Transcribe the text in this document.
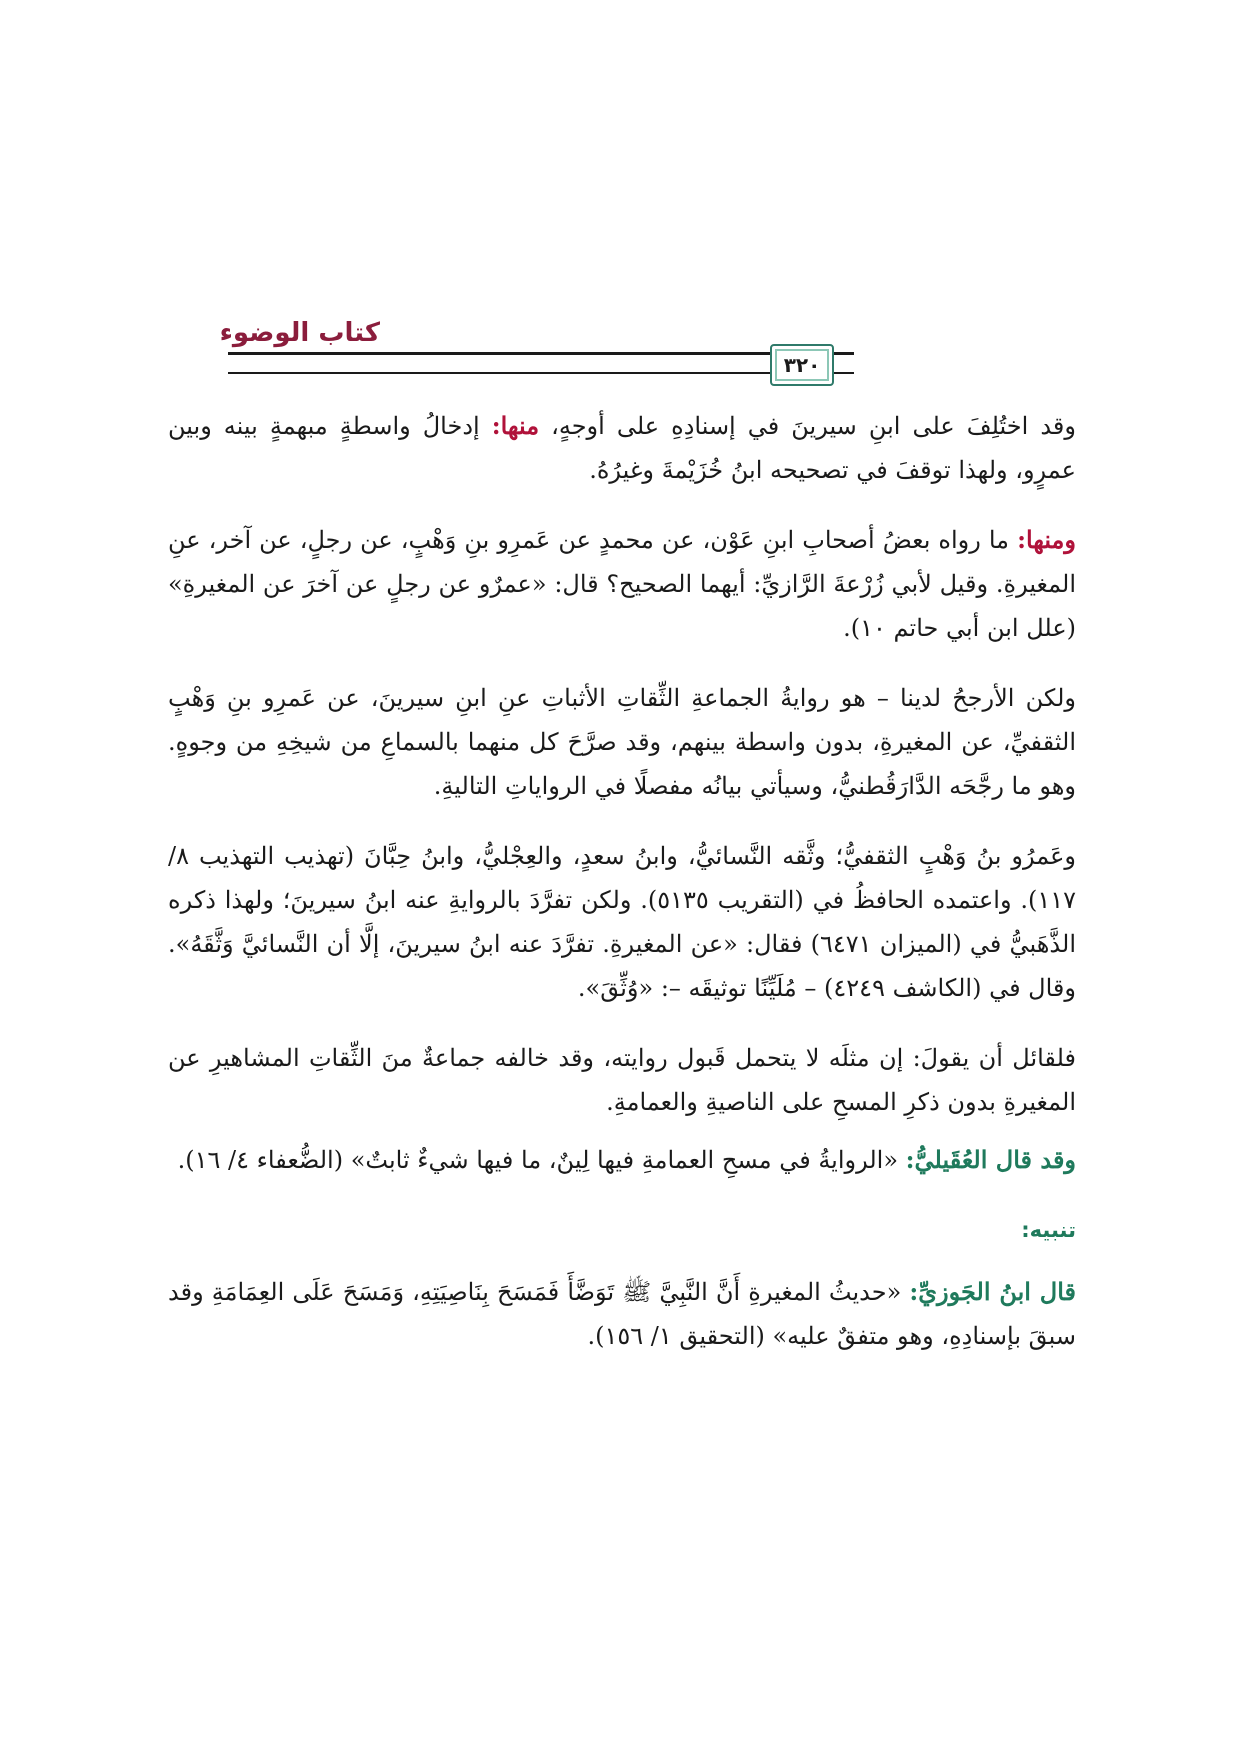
كتاب الوضوء
٣٢٠

وقد اختُلِفَ على ابنِ سيرينَ في إسنادِهِ على أوجهٍ، منها: إدخالُ واسطةٍ مبهمةٍ بينه وبين عمرٍو، ولهذا توقفَ في تصحيحه ابنُ خُزَيْمةَ وغيرُهُ.

ومنها: ما رواه بعضُ أصحابِ ابنِ عَوْن، عن محمدٍ عن عَمرِو بنِ وَهْبٍ، عن رجلٍ، عن آخر، عنِ المغيرةِ. وقيل لأبي زُرْعةَ الرَّازيِّ: أيهما الصحيح؟ قال: «عمرٌو عن رجلٍ عن آخرَ عن المغيرةِ» (علل ابن أبي حاتم ١٠).

ولكن الأرجحُ لدينا – هو روايةُ الجماعةِ الثِّقاتِ الأثباتِ عنِ ابنِ سيرينَ، عن عَمرِو بنِ وَهْبٍ الثقفيِّ، عن المغيرةِ، بدون واسطة بينهم، وقد صرَّحَ كل منهما بالسماعِ من شيخِهِ من وجوهٍ. وهو ما رجَّحَه الدَّارَقُطنيُّ، وسيأتي بيانُه مفصلًا في الرواياتِ التاليةِ.

وعَمرُو بنُ وَهْبٍ الثقفيُّ؛ وثَّقه النَّسائيُّ، وابنُ سعدٍ، والعِجْليُّ، وابنُ حِبَّانَ (تهذيب التهذيب ٨/ ١١٧). واعتمده الحافظُ في (التقريب ٥١٣٥). ولكن تفرَّدَ بالروايةِ عنه ابنُ سيرينَ؛ ولهذا ذكره الذَّهَبيُّ في (الميزان ٦٤٧١) فقال: «عن المغيرةِ. تفرَّدَ عنه ابنُ سيرينَ، إلَّا أن النَّسائيَّ وَثَّقَهُ». وقال في (الكاشف ٤٢٤٩) – مُلَيِّنًا توثيقَه –: «وُثِّقَ».

فلقائل أن يقولَ: إن مثلَه لا يتحمل قَبول روايته، وقد خالفه جماعةٌ منَ الثِّقاتِ المشاهيرِ عن المغيرةِ بدون ذكرِ المسحِ على الناصيةِ والعمامةِ.

وقد قال العُقَيليُّ: «الروايةُ في مسحِ العمامةِ فيها لِينٌ، ما فيها شيءٌ ثابتٌ» (الضُّعفاء ٤/ ١٦).

تنبيه:

قال ابنُ الجَوزيِّ: «حديثُ المغيرةِ أَنَّ النَّبِيَّ ﷺ تَوَضَّأَ فَمَسَحَ بِنَاصِيَتِهِ، وَمَسَحَ عَلَى العِمَامَةِ وقد سبقَ بإسنادِهِ، وهو متفقٌ عليه» (التحقيق ١/ ١٥٦).
